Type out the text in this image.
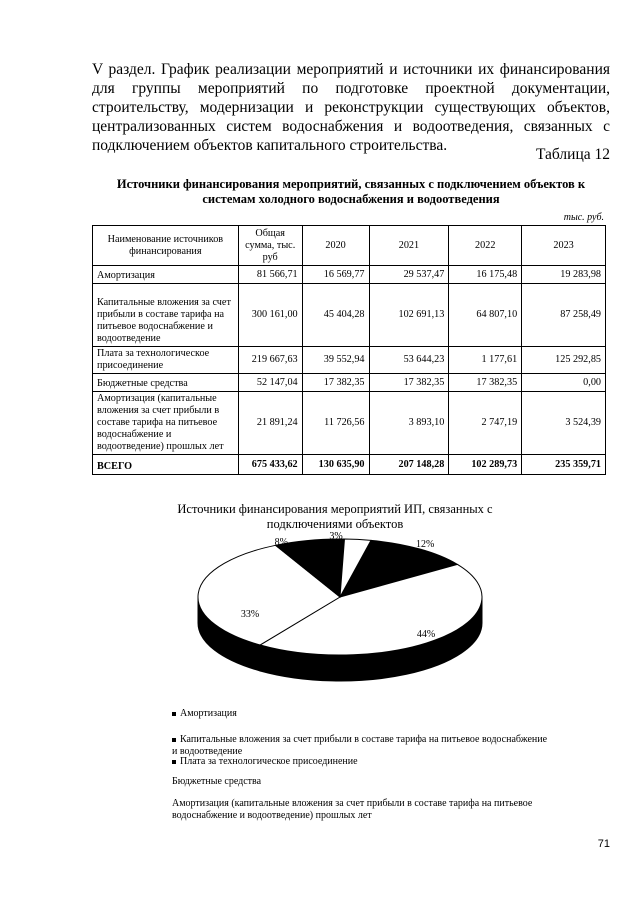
V раздел. График реализации мероприятий и источники их финансирования для группы мероприятий по подготовке проектной документации, строительству, модернизации и реконструкции существующих объектов, централизованных систем водоснабжения и водоотведения, связанных с подключением объектов капитального строительства.
Таблица 12
Источники финансирования мероприятий, связанных с подключением объектов к системам холодного водоснабжения и водоотведения
тыс. руб.
Наименование источников финансирования	Общая сумма, тыс. руб	2020	2021	2022	2023
Амортизация	81 566,71	16 569,77	29 537,47	16 175,48	19 283,98
Капитальные вложения за счет прибыли в составе тарифа на питьевое водоснабжение и водоотведение	300 161,00	45 404,28	102 691,13	64 807,10	87 258,49
Плата за технологическое присоединение	219 667,63	39 552,94	53 644,23	1 177,61	125 292,85
Бюджетные средства	52 147,04	17 382,35	17 382,35	17 382,35	0,00
Амортизация (капитальные вложения за счет прибыли в составе тарифа на питьевое водоснабжение и водоотведение) прошлых лет	21 891,24	11 726,56	3 893,10	2 747,19	3 524,39
ВСЕГО	675 433,62	130 635,90	207 148,28	102 289,73	235 359,71
Источники финансирования мероприятий ИП, связанных с подключениями объектов
12%
44%
33%
8%
3%
Амортизация
Капитальные вложения за счет прибыли в составе тарифа на питьевое водоснабжение и водоотведение
Плата за технологическое присоединение
Бюджетные средства
Амортизация (капитальные вложения за счет прибыли в составе тарифа на питьевое водоснабжение и водоотведение) прошлых лет
71
